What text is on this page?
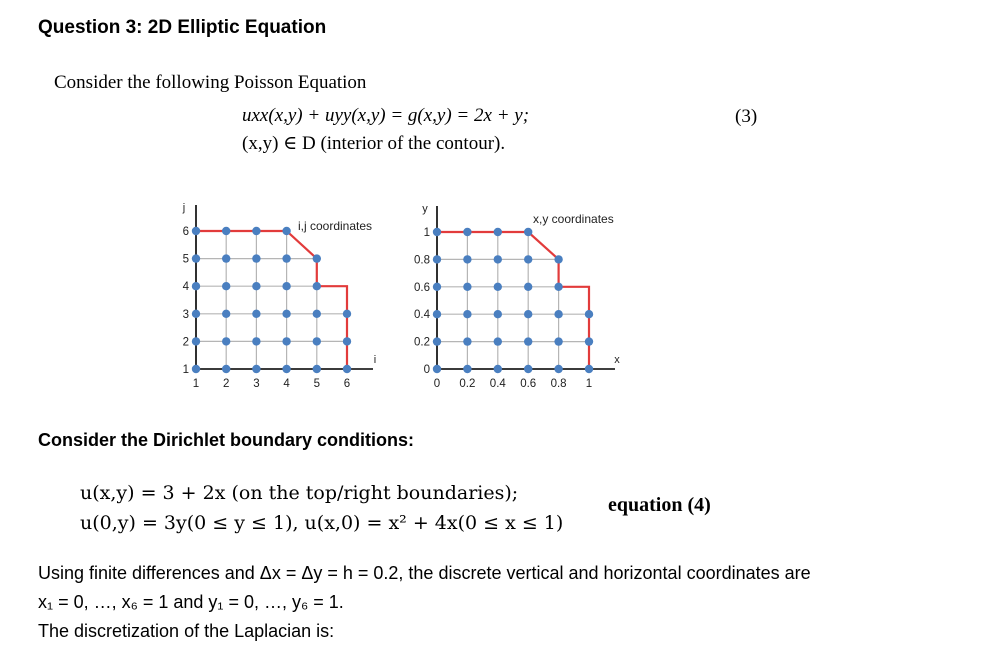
Question 3: 2D Elliptic Equation
Consider the following Poisson Equation
uxx(x,y) + uyy(x,y) = g(x,y) = 2x + y;
(x,y) ∈ D (interior of the contour).
(3)
1 2 3 4 5 6
1
2
3
4
5
6
j
i
i,j coordinates
0 0.2 0.4 0.6 0.8 1
0
0.2
0.4
0.6
0.8
1
y
x
x,y coordinates
Consider the Dirichlet boundary conditions:
u(x,y) = 3 + 2x (on the top/right boundaries);
u(0,y) = 3y(0 ≤ y ≤ 1), u(x,0) = x² + 4x(0 ≤ x ≤ 1)
equation (4)
Using finite differences and Δx = Δy = h = 0.2, the discrete vertical and horizontal coordinates are
x₁ = 0, …, x₆ = 1 and y₁ = 0, …, y₆ = 1.
The discretization of the Laplacian is:
